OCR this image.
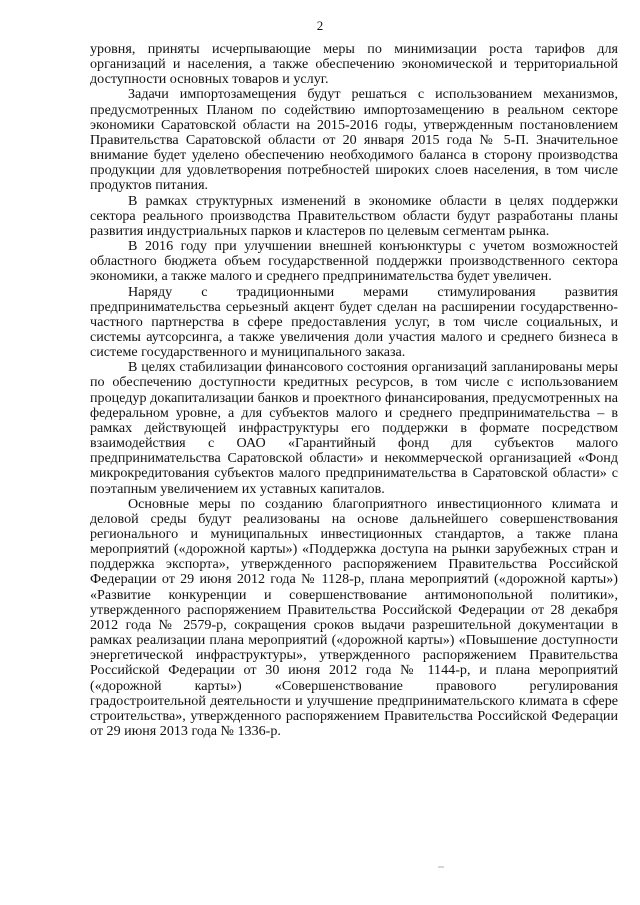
2

уровня, приняты исчерпывающие меры по минимизации роста тарифов для организаций и населения, а также обеспечению экономической и территориальной доступности основных товаров и услуг.

Задачи импортозамещения будут решаться с использованием механизмов, предусмотренных Планом по содействию импортозамещению в реальном секторе экономики Саратовской области на 2015-2016 годы, утвержденным постановлением Правительства Саратовской области от 20 января 2015 года № 5-П. Значительное внимание будет уделено обеспечению необходимого баланса в сторону производства продукции для удовлетворения потребностей широких слоев населения, в том числе продуктов питания.

В рамках структурных изменений в экономике области в целях поддержки сектора реального производства Правительством области будут разработаны планы развития индустриальных парков и кластеров по целевым сегментам рынка.

В 2016 году при улучшении внешней конъюнктуры с учетом возможностей областного бюджета объем государственной поддержки производственного сектора экономики, а также малого и среднего предпринимательства будет увеличен.

Наряду с традиционными мерами стимулирования развития предпринимательства серьезный акцент будет сделан на расширении государственно-частного партнерства в сфере предоставления услуг, в том числе социальных, и системы аутсорсинга, а также увеличения доли участия малого и среднего бизнеса в системе государственного и муниципального заказа.

В целях стабилизации финансового состояния организаций запланированы меры по обеспечению доступности кредитных ресурсов, в том числе с использованием процедур докапитализации банков и проектного финансирования, предусмотренных на федеральном уровне, а для субъектов малого и среднего предпринимательства – в рамках действующей инфраструктуры его поддержки в формате посредством взаимодействия с ОАО «Гарантийный фонд для субъектов малого предпринимательства Саратовской области» и некоммерческой организацией «Фонд микрокредитования субъектов малого предпринимательства в Саратовской области» с поэтапным увеличением их уставных капиталов.

Основные меры по созданию благоприятного инвестиционного климата и деловой среды будут реализованы на основе дальнейшего совершенствования регионального и муниципальных инвестиционных стандартов, а также плана мероприятий («дорожной карты») «Поддержка доступа на рынки зарубежных стран и поддержка экспорта», утвержденного распоряжением Правительства Российской Федерации от 29 июня 2012 года № 1128-р, плана мероприятий («дорожной карты») «Развитие конкуренции и совершенствование антимонопольной политики», утвержденного распоряжением Правительства Российской Федерации от 28 декабря 2012 года № 2579-р, сокращения сроков выдачи разрешительной документации в рамках реализации плана мероприятий («дорожной карты») «Повышение доступности энергетической инфраструктуры», утвержденного распоряжением Правительства Российской Федерации от 30 июня 2012 года № 1144-р, и плана мероприятий («дорожной карты») «Совершенствование правового регулирования градостроительной деятельности и улучшение предпринимательского климата в сфере строительства», утвержденного распоряжением Правительства Российской Федерации от 29 июня 2013 года № 1336-р.
